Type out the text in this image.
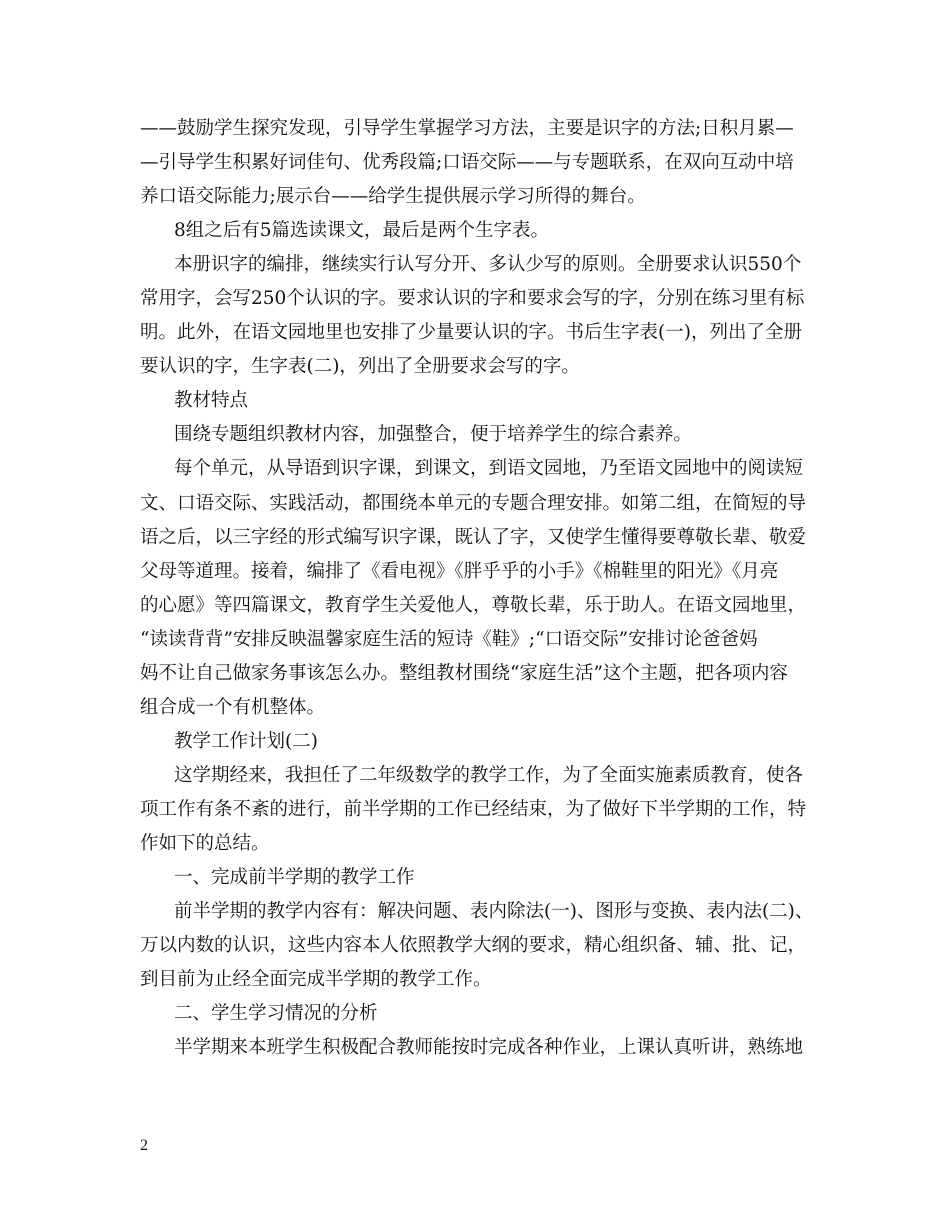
——鼓励学生探究发现，引导学生掌握学习方法，主要是识字的方法;日积月累—
—引导学生积累好词佳句、优秀段篇;口语交际——与专题联系，在双向互动中培
养口语交际能力;展示台——给学生提供展示学习所得的舞台。
8组之后有5篇选读课文，最后是两个生字表。
本册识字的编排，继续实行认写分开、多认少写的原则。全册要求认识550个
常用字，会写250个认识的字。要求认识的字和要求会写的字，分别在练习里有标
明。此外，在语文园地里也安排了少量要认识的字。书后生字表(一)，列出了全册
要认识的字，生字表(二)，列出了全册要求会写的字。
教材特点
围绕专题组织教材内容，加强整合，便于培养学生的综合素养。
每个单元，从导语到识字课，到课文，到语文园地，乃至语文园地中的阅读短
文、口语交际、实践活动，都围绕本单元的专题合理安排。如第二组，在简短的导
语之后，以三字经的形式编写识字课，既认了字，又使学生懂得要尊敬长辈、敬爱
父母等道理。接着，编排了《看电视》《胖乎乎的小手》《棉鞋里的阳光》《月亮
的心愿》等四篇课文，教育学生关爱他人，尊敬长辈，乐于助人。在语文园地里，
“读读背背”安排反映温馨家庭生活的短诗《鞋》;“口语交际”安排讨论爸爸妈
妈不让自己做家务事该怎么办。整组教材围绕“家庭生活”这个主题，把各项内容
组合成一个有机整体。
教学工作计划(二)
这学期经来，我担任了二年级数学的教学工作，为了全面实施素质教育，使各
项工作有条不紊的进行，前半学期的工作已经结束，为了做好下半学期的工作，特
作如下的总结。
一、完成前半学期的教学工作
前半学期的教学内容有：解决问题、表内除法(一)、图形与变换、表内法(二)、
万以内数的认识，这些内容本人依照教学大纲的要求，精心组织备、辅、批、记，
到目前为止经全面完成半学期的教学工作。
二、学生学习情况的分析
半学期来本班学生积极配合教师能按时完成各种作业，上课认真听讲，熟练地
2
